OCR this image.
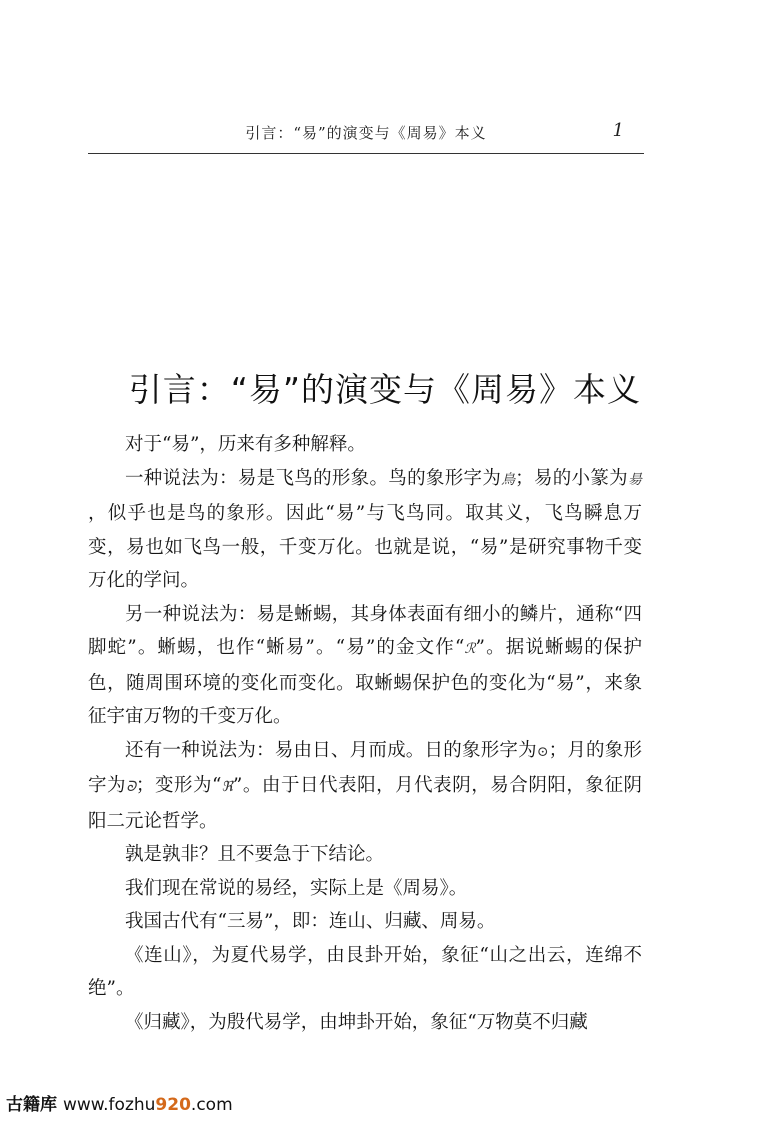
引言：“易”的演变与《周易》本义	1
引言：“易”的演变与《周易》本义

对于“易”，历来有多种解释。

一种说法为：易是飞鸟的形象。鸟的象形字为鳥；易的小篆为昜，似乎也是鸟的象形。因此“易”与飞鸟同。取其义，飞鸟瞬息万变，易也如飞鸟一般，千变万化。也就是说，“易”是研究事物千变万化的学问。

另一种说法为：易是蜥蜴，其身体表面有细小的鳞片，通称“四脚蛇”。蜥蜴，也作“蜥易”。“易”的金文作“ℛ”。据说蜥蜴的保护色，随周围环境的变化而变化。取蜥蜴保护色的变化为“易”，来象征宇宙万物的千变万化。

还有一种说法为：易由日、月而成。日的象形字为⊙；月的象形字为ᘐ；变形为“ℜ”。由于日代表阳，月代表阴，易合阴阳，象征阴阳二元论哲学。

孰是孰非？且不要急于下结论。

我们现在常说的易经，实际上是《周易》。

我国古代有“三易”，即：连山、归藏、周易。

《连山》，为夏代易学，由艮卦开始，象征“山之出云，连绵不绝”。

《归藏》，为殷代易学，由坤卦开始，象征“万物莫不归藏

古籍库 www.fozhu920.com
